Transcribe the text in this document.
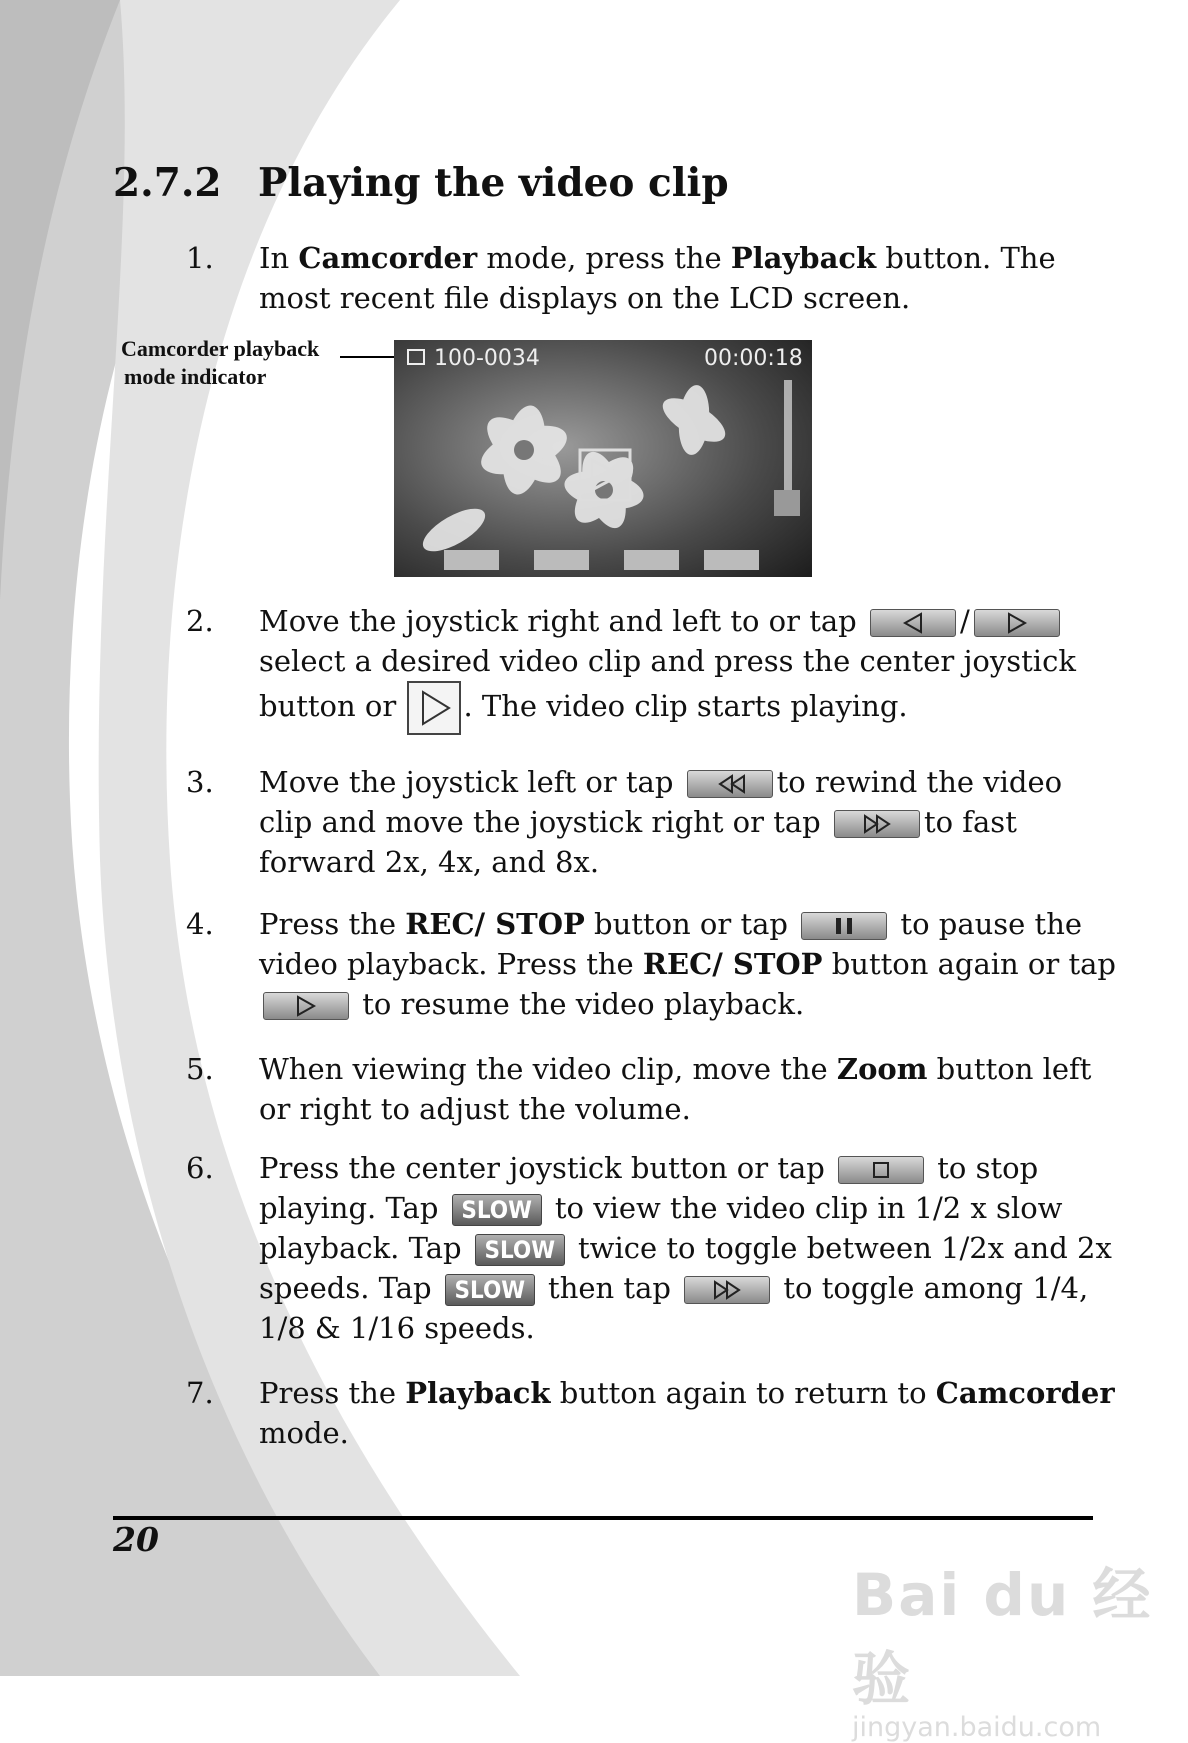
2.7.2 Playing the video clip
1.	In Camcorder mode, press the Playback button. The most recent file displays on the LCD screen.
Camcorder playback
mode indicator
100-0034	00:00:18
2.	Move the joystick right and left to or tap	/
select a desired video clip and press the center joystick button or
. The video clip starts playing.
3.	Move the joystick left or tap	to rewind the video clip and move the joystick right or tap	to fast forward 2x, 4x, and 8x.
4.	Press the REC/ STOP button or tap	to pause the video playback. Press the REC/ STOP button again or tap
to resume the video playback.
5.	When viewing the video clip, move the Zoom button left or right to adjust the volume.
6.	Press the center joystick button or tap	to stop playing. Tap SLOW to view the video clip in 1/2 x slow playback. Tap SLOW twice to toggle between 1/2x and 2x speeds. Tap SLOW then tap	to toggle among 1/4, 1/8 & 1/16 speeds.
7.	Press the Playback button again to return to Camcorder mode.
20
Bai du 经验
jingyan.baidu.com
